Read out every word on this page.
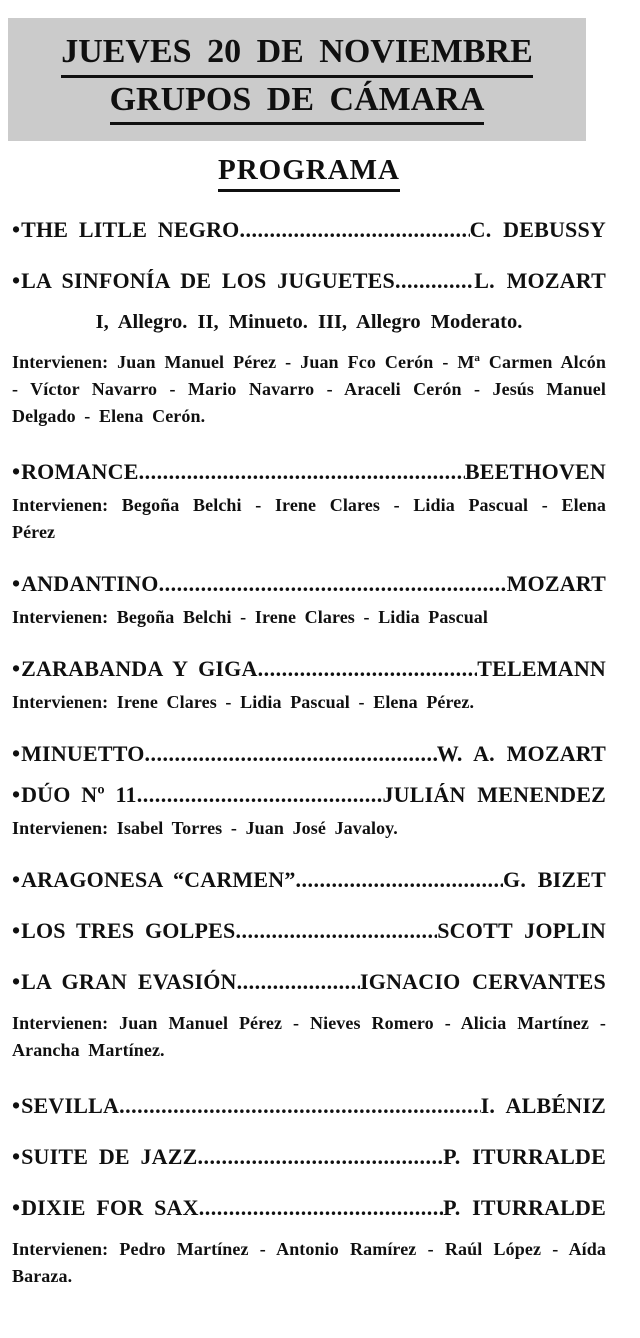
JUEVES 20 DE NOVIEMBRE
GRUPOS DE CÁMARA
PROGRAMA
•
THE LITLE NEGRO .....	C. DEBUSSY
•
LA SINFONÍA DE LOS JUGUETES .....	L. MOZART
I, Allegro. II, Minueto. III, Allegro Moderato.
Intervienen: Juan Manuel Pérez - Juan Fco Cerón - Mª Carmen Alcón - Víctor Navarro - Mario Navarro - Araceli Cerón - Jesús Manuel Delgado - Elena Cerón.
•
ROMANCE .....	BEETHOVEN
Intervienen: Begoña Belchi - Irene Clares - Lidia Pascual - Elena Pérez
•
ANDANTINO .....	MOZART
Intervienen: Begoña Belchi - Irene Clares - Lidia Pascual
•
ZARABANDA Y GIGA .....	TELEMANN
Intervienen: Irene Clares - Lidia Pascual - Elena Pérez.
•
MINUETTO .....	W. A. MOZART
•
DÚO Nº 11 .....	JULIÁN MENENDEZ
Intervienen: Isabel Torres - Juan José Javaloy.
•
ARAGONESA “CARMEN” .....	G. BIZET
•
LOS TRES GOLPES .....	SCOTT JOPLIN
•
LA GRAN EVASIÓN .....	IGNACIO CERVANTES
Intervienen: Juan Manuel Pérez - Nieves Romero - Alicia Martínez - Arancha Martínez.
•
SEVILLA .....	I. ALBÉNIZ
•
SUITE DE JAZZ .....	P. ITURRALDE
•
DIXIE FOR SAX .....	P. ITURRALDE
Intervienen: Pedro Martínez - Antonio Ramírez - Raúl López - Aída Baraza.
